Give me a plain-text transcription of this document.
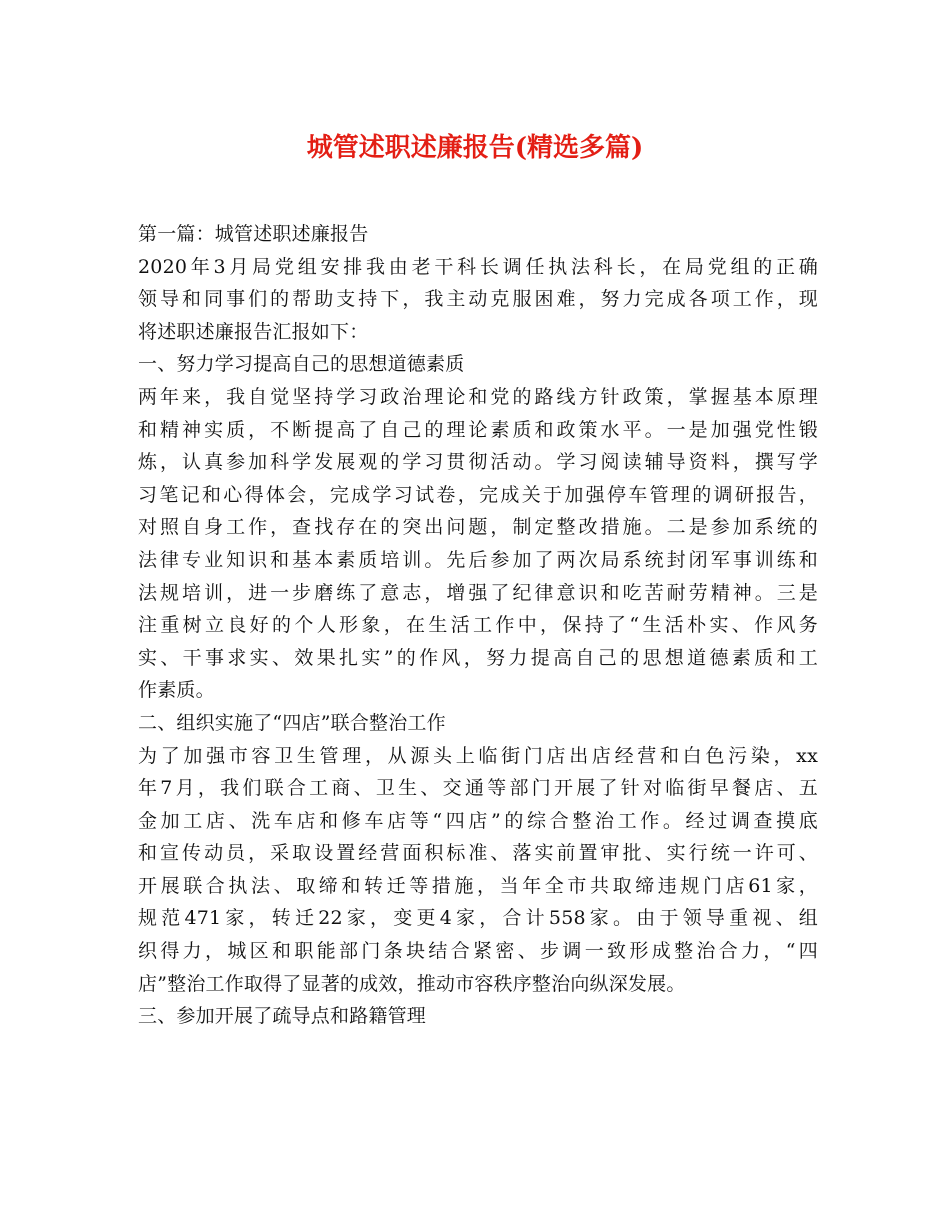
城管述职述廉报告(精选多篇)
第一篇：城管述职述廉报告
2020年3月局党组安排我由老干科长调任执法科长，在局党组的正确
领导和同事们的帮助支持下，我主动克服困难，努力完成各项工作，现
将述职述廉报告汇报如下：
一、努力学习提高自己的思想道德素质
两年来，我自觉坚持学习政治理论和党的路线方针政策，掌握基本原理
和精神实质，不断提高了自己的理论素质和政策水平。一是加强党性锻
炼，认真参加科学发展观的学习贯彻活动。学习阅读辅导资料，撰写学
习笔记和心得体会，完成学习试卷，完成关于加强停车管理的调研报告，
对照自身工作，查找存在的突出问题，制定整改措施。二是参加系统的
法律专业知识和基本素质培训。先后参加了两次局系统封闭军事训练和
法规培训，进一步磨练了意志，增强了纪律意识和吃苦耐劳精神。三是
注重树立良好的个人形象，在生活工作中，保持了“生活朴实、作风务
实、干事求实、效果扎实”的作风，努力提高自己的思想道德素质和工
作素质。
二、组织实施了“四店”联合整治工作
为了加强市容卫生管理，从源头上临街门店出店经营和白色污染，xx
年7月，我们联合工商、卫生、交通等部门开展了针对临街早餐店、五
金加工店、洗车店和修车店等“四店”的综合整治工作。经过调查摸底
和宣传动员，采取设置经营面积标准、落实前置审批、实行统一许可、
开展联合执法、取缔和转迁等措施，当年全市共取缔违规门店61家，
规范471家，转迁22家，变更4家，合计558家。由于领导重视、组
织得力，城区和职能部门条块结合紧密、步调一致形成整治合力，“四
店”整治工作取得了显著的成效，推动市容秩序整治向纵深发展。
三、参加开展了疏导点和路籍管理
